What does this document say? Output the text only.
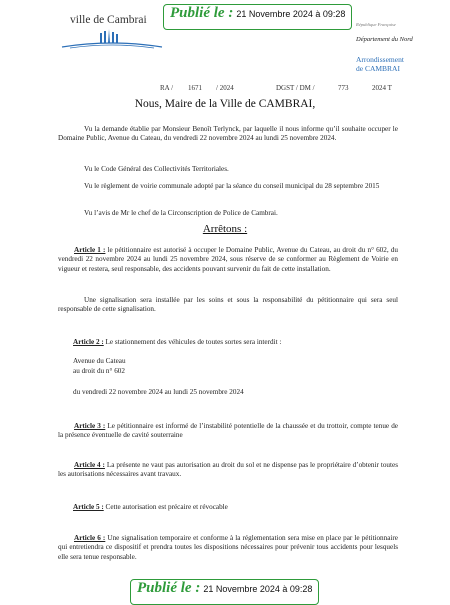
ville de Cambrai Publié le : 21 Novembre 2024 à 09:28
République Française
Département du Nord
Arrondissement
de CAMBRAI
RA / 1671 / 2024	DGST / DM /	773	2024 T
Nous, Maire de la Ville de CAMBRAI,
Vu la demande établie par Monsieur Benoît Terlynck, par laquelle il nous informe qu’il souhaite occuper le Domaine Public, Avenue du Cateau, du vendredi 22 novembre 2024 au lundi 25 novembre 2024.
Vu le Code Général des Collectivités Territoriales.
Vu le règlement de voirie communale adopté par la séance du conseil municipal du 28 septembre 2015
Vu l’avis de Mr le chef de la Circonscription de Police de Cambrai.
Arrêtons :
Article 1 : le pétitionnaire est autorisé à occuper le Domaine Public, Avenue du Cateau, au droit du n° 602, du vendredi 22 novembre 2024 au lundi 25 novembre 2024, sous réserve de se conformer au Règlement de Voirie en vigueur et restera, seul responsable, des accidents pouvant survenir du fait de cette installation.
Une signalisation sera installée par les soins et sous la responsabilité du pétitionnaire qui sera seul responsable de cette signalisation.
Article 2 : Le stationnement des véhicules de toutes sortes sera interdit :
Avenue du Cateau
au droit du n° 602
du vendredi 22 novembre 2024 au lundi 25 novembre 2024
Article 3 : Le pétitionnaire est informé de l’instabilité potentielle de la chaussée et du trottoir, compte tenue de la présence éventuelle de cavité souterraine
Article 4 : La présente ne vaut pas autorisation au droit du sol et ne dispense pas le propriétaire d’obtenir toutes les autorisations nécessaires avant travaux.
Article 5 : Cette autorisation est précaire et révocable
Article 6 : Une signalisation temporaire et conforme à la réglementation sera mise en place par le pétitionnaire qui entretiendra ce dispositif et prendra toutes les dispositions nécessaires pour prévenir tous accidents pour lesquels elle sera tenue responsable.
Publié le : 21 Novembre 2024 à 09:28
